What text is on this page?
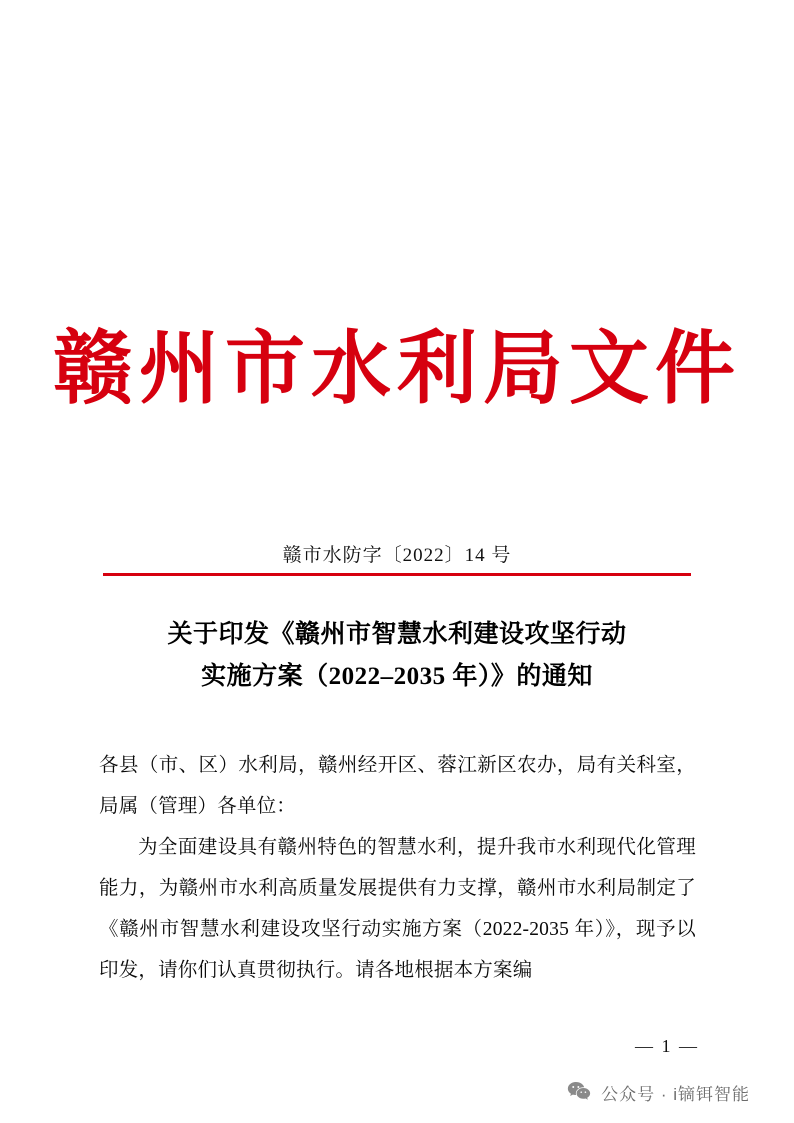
赣州市水利局文件
赣市水防字〔2022〕14 号
关于印发《赣州市智慧水利建设攻坚行动
实施方案（2022–2035 年）》的通知

各县（市、区）水利局，赣州经开区、蓉江新区农办，局有关科室，局属（管理）各单位：

为全面建设具有赣州特色的智慧水利，提升我市水利现代化管理能力，为赣州市水利高质量发展提供有力支撑，赣州市水利局制定了《赣州市智慧水利建设攻坚行动实施方案（2022-2035 年）》，现予以印发，请你们认真贯彻执行。请各地根据本方案编

— 1 —
公众号 · i镝铒智能
